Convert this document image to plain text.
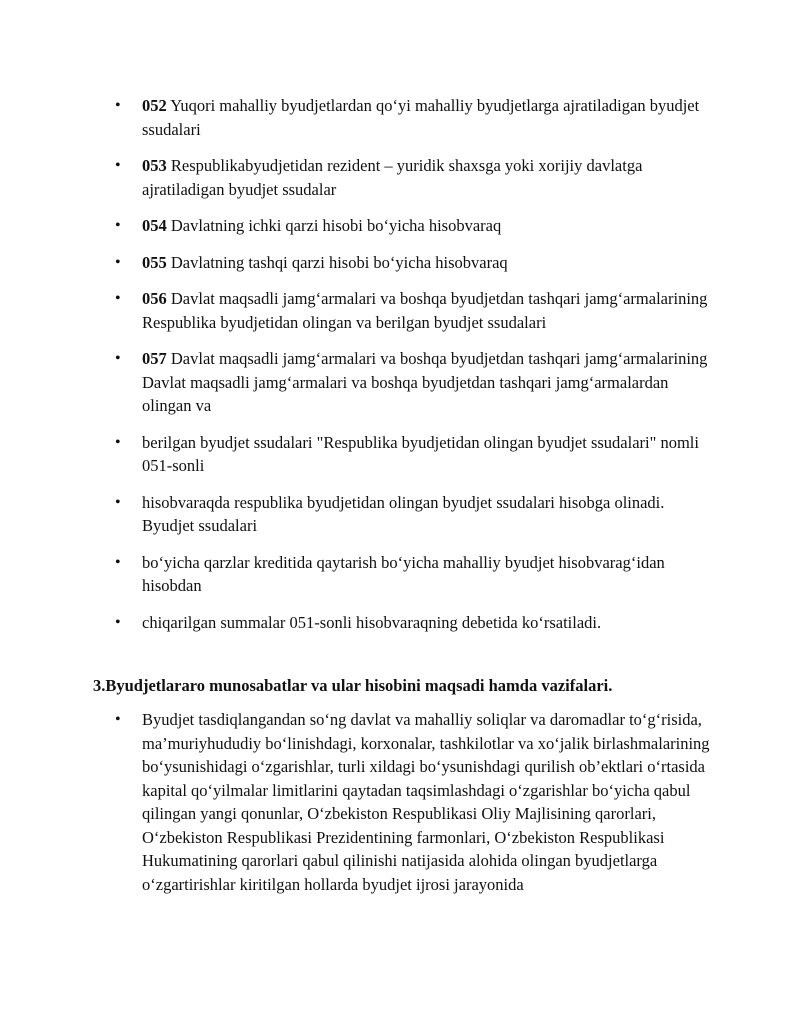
• 052 Yuqori mahalliy byudjetlardan qo‘yi mahalliy byudjetlarga ajratiladigan byudjet ssudalari
• 053 Respublikabyudjetidan rezident – yuridik shaxsga yoki xorijiy davlatga ajratiladigan byudjet ssudalar
• 054 Davlatning ichki qarzi hisobi bo‘yicha hisobvaraq
• 055 Davlatning tashqi qarzi hisobi bo‘yicha hisobvaraq
• 056 Davlat maqsadli jamg‘armalari va boshqa byudjetdan tashqari jamg‘armalarining Respublika byudjetidan olingan va berilgan byudjet ssudalari
• 057 Davlat maqsadli jamg‘armalari va boshqa byudjetdan tashqari jamg‘armalarining Davlat maqsadli jamg‘armalari va boshqa byudjetdan tashqari jamg‘armalardan olingan va
• berilgan byudjet ssudalari "Respublika byudjetidan olingan byudjet ssudalari" nomli 051-sonli
• hisobvaraqda respublika byudjetidan olingan byudjet ssudalari hisobga olinadi. Byudjet ssudalari
• bo‘yicha qarzlar kreditida qaytarish bo‘yicha mahalliy byudjet hisobvarag‘idan hisobdan
• chiqarilgan summalar 051-sonli hisobvaraqning debetida ko‘rsatiladi.
3.Byudjetlararo munosabatlar va ular hisobini maqsadi hamda vazifalari.
• Byudjet tasdiqlangandan so‘ng davlat va mahalliy soliqlar va daromadlar to‘g‘risida, ma’muriyhududiy bo‘linishdagi, korxonalar, tashkilotlar va xo‘jalik birlashmalarining bo‘ysunishidagi o‘zgarishlar, turli xildagi bo‘ysunishdagi qurilish ob’ektlari o‘rtasida kapital qo‘yilmalar limitlarini qaytadan taqsimlashdagi o‘zgarishlar bo‘yicha qabul qilingan yangi qonunlar, O‘zbekiston Respublikasi Oliy Majlisining qarorlari, O‘zbekiston Respublikasi Prezidentining farmonlari, O‘zbekiston Respublikasi Hukumatining qarorlari qabul qilinishi natijasida alohida olingan byudjetlarga o‘zgartirishlar kiritilgan hollarda byudjet ijrosi jarayonida
